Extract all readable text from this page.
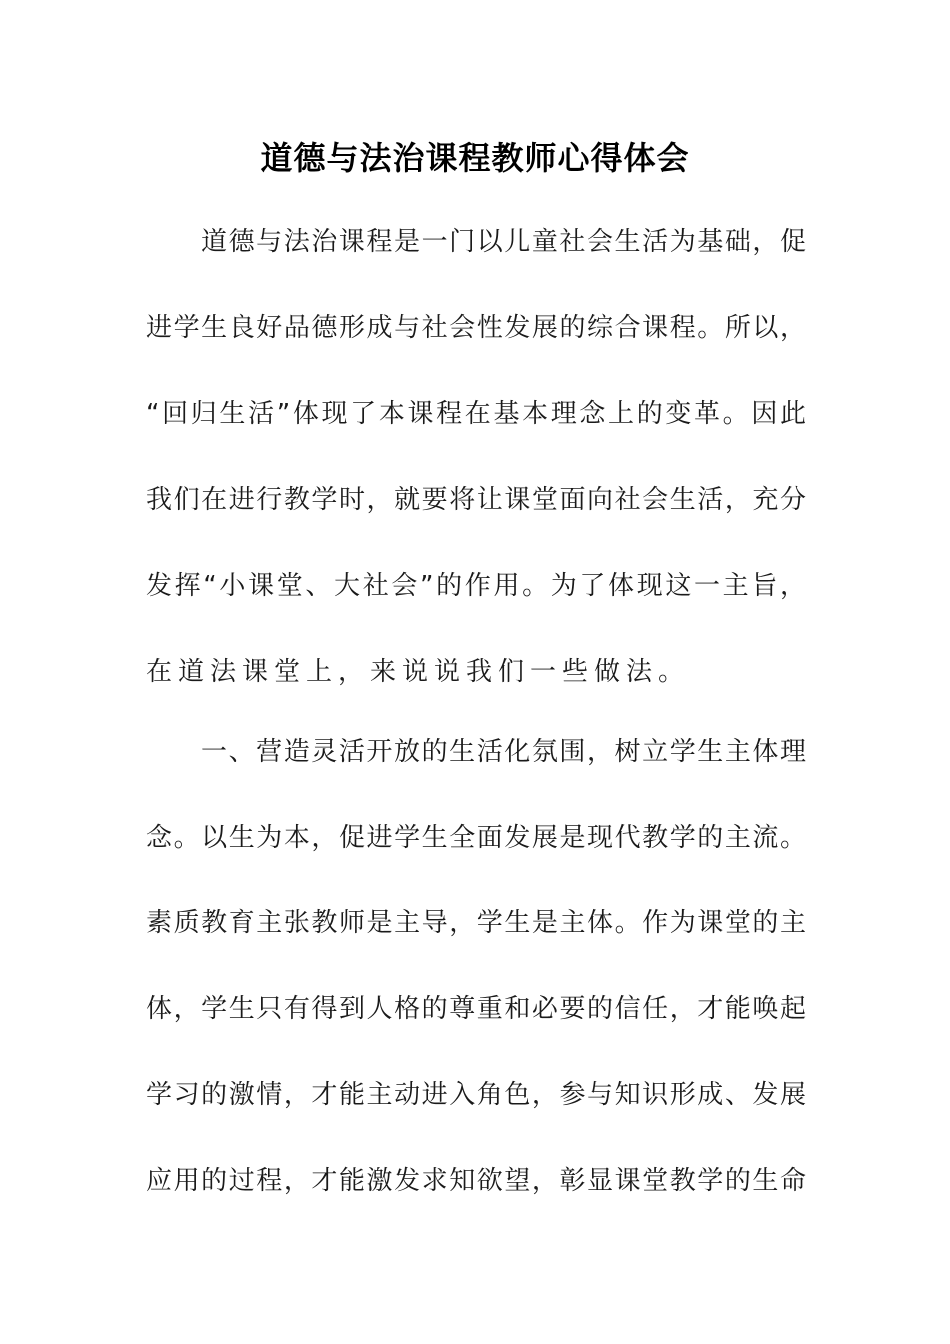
道德与法治课程教师心得体会
道德与法治课程是一门以儿童社会生活为基础，促
进学生良好品德形成与社会性发展的综合课程。所以，
“回归生活”体现了本课程在基本理念上的变革。因此
我们在进行教学时，就要将让课堂面向社会生活，充分
发挥“小课堂、大社会”的作用。为了体现这一主旨，
在道法课堂上，来说说我们一些做法。
一、营造灵活开放的生活化氛围，树立学生主体理
念。以生为本，促进学生全面发展是现代教学的主流。
素质教育主张教师是主导，学生是主体。作为课堂的主
体，学生只有得到人格的尊重和必要的信任，才能唤起
学习的激情，才能主动进入角色，参与知识形成、发展
应用的过程，才能激发求知欲望，彰显课堂教学的生命
